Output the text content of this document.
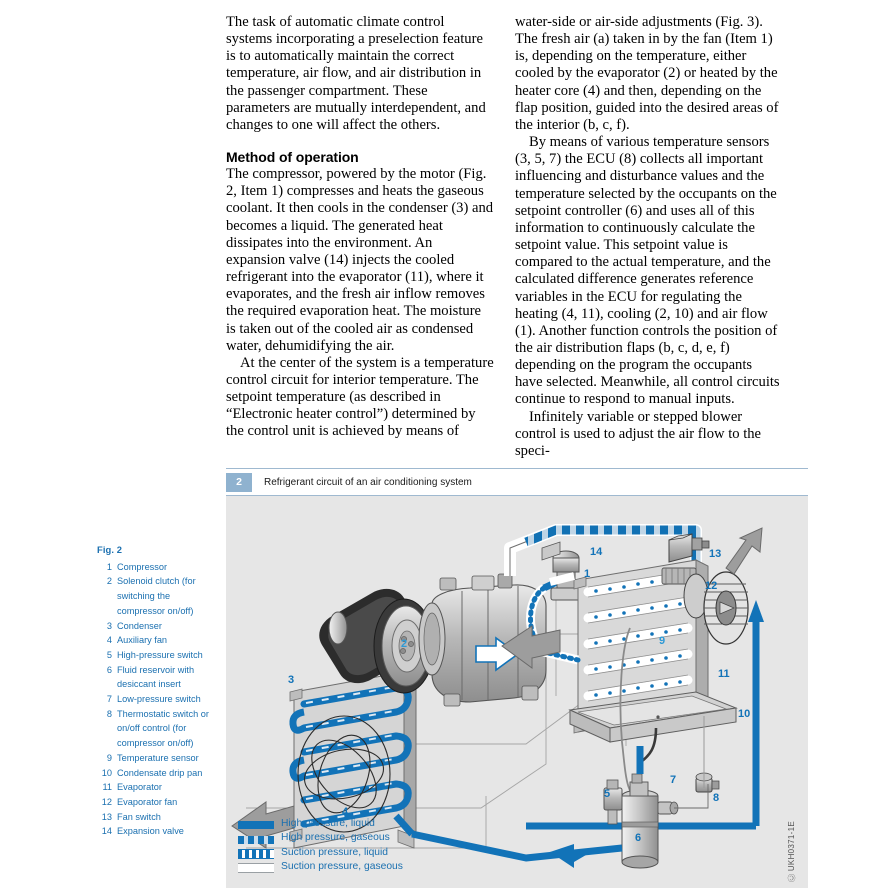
The task of automatic climate control systems incorporating a preselection feature is to automatically maintain the correct temperature, air flow, and air distribution in the passenger compartment. These parameters are mutually interdependent, and changes to one will affect the others.

Method of operation

The compressor, powered by the motor (Fig. 2, Item 1) compresses and heats the gaseous coolant. It then cools in the condenser (3) and becomes a liquid. The generated heat dissipates into the environment. An expansion valve (14) injects the cooled refrigerant into the evaporator (11), where it evaporates, and the fresh air inflow removes the required evaporation heat. The moisture is taken out of the cooled air as condensed water, dehumidifying the air.

At the center of the system is a temperature control circuit for interior temperature. The setpoint temperature (as described in “Electronic heater control”) determined by the control unit is achieved by means of

water-side or air-side adjustments (Fig. 3). The fresh air (a) taken in by the fan (Item 1) is, depending on the temperature, either cooled by the evaporator (2) or heated by the heater core (4) and then, depending on the flap position, guided into the desired areas of the interior (b, c, f).

By means of various temperature sensors (3, 5, 7) the ECU (8) collects all important influencing and disturbance values and the temperature selected by the occupants on the setpoint controller (6) and uses all of this information to continuously calculate the setpoint value. This setpoint value is compared to the actual temperature, and the calculated difference generates reference variables in the ECU for regulating the heating (4, 11), cooling (2, 10) and air flow (1). Another function controls the position of the air distribution flaps (b, c, d, e, f) depending on the program the occupants have selected. Meanwhile, all control circuits continue to respond to manual inputs.

Infinitely variable or stepped blower control is used to adjust the air flow to the speci-

Fig. 2
1 Compressor
2 Solenoid clutch (for switching the compressor on/off)
3 Condenser
4 Auxiliary fan
5 High-pressure switch
6 Fluid reservoir with desiccant insert
7 Low-pressure switch
8 Thermostatic switch or on/off control (for compressor on/off)
9 Temperature sensor
10 Condensate drip pan
11 Evaporator
12 Evaporator fan
13 Fan switch
14 Expansion valve
2	Refrigerant circuit of an air conditioning system
1
2
3
4
5
6
7
8
9
10
11
12
13
14
High pressure, liquid
High pressure, gaseous
Suction pressure, liquid
Suction pressure, gaseous
Ⓒ UKH0371-1E
